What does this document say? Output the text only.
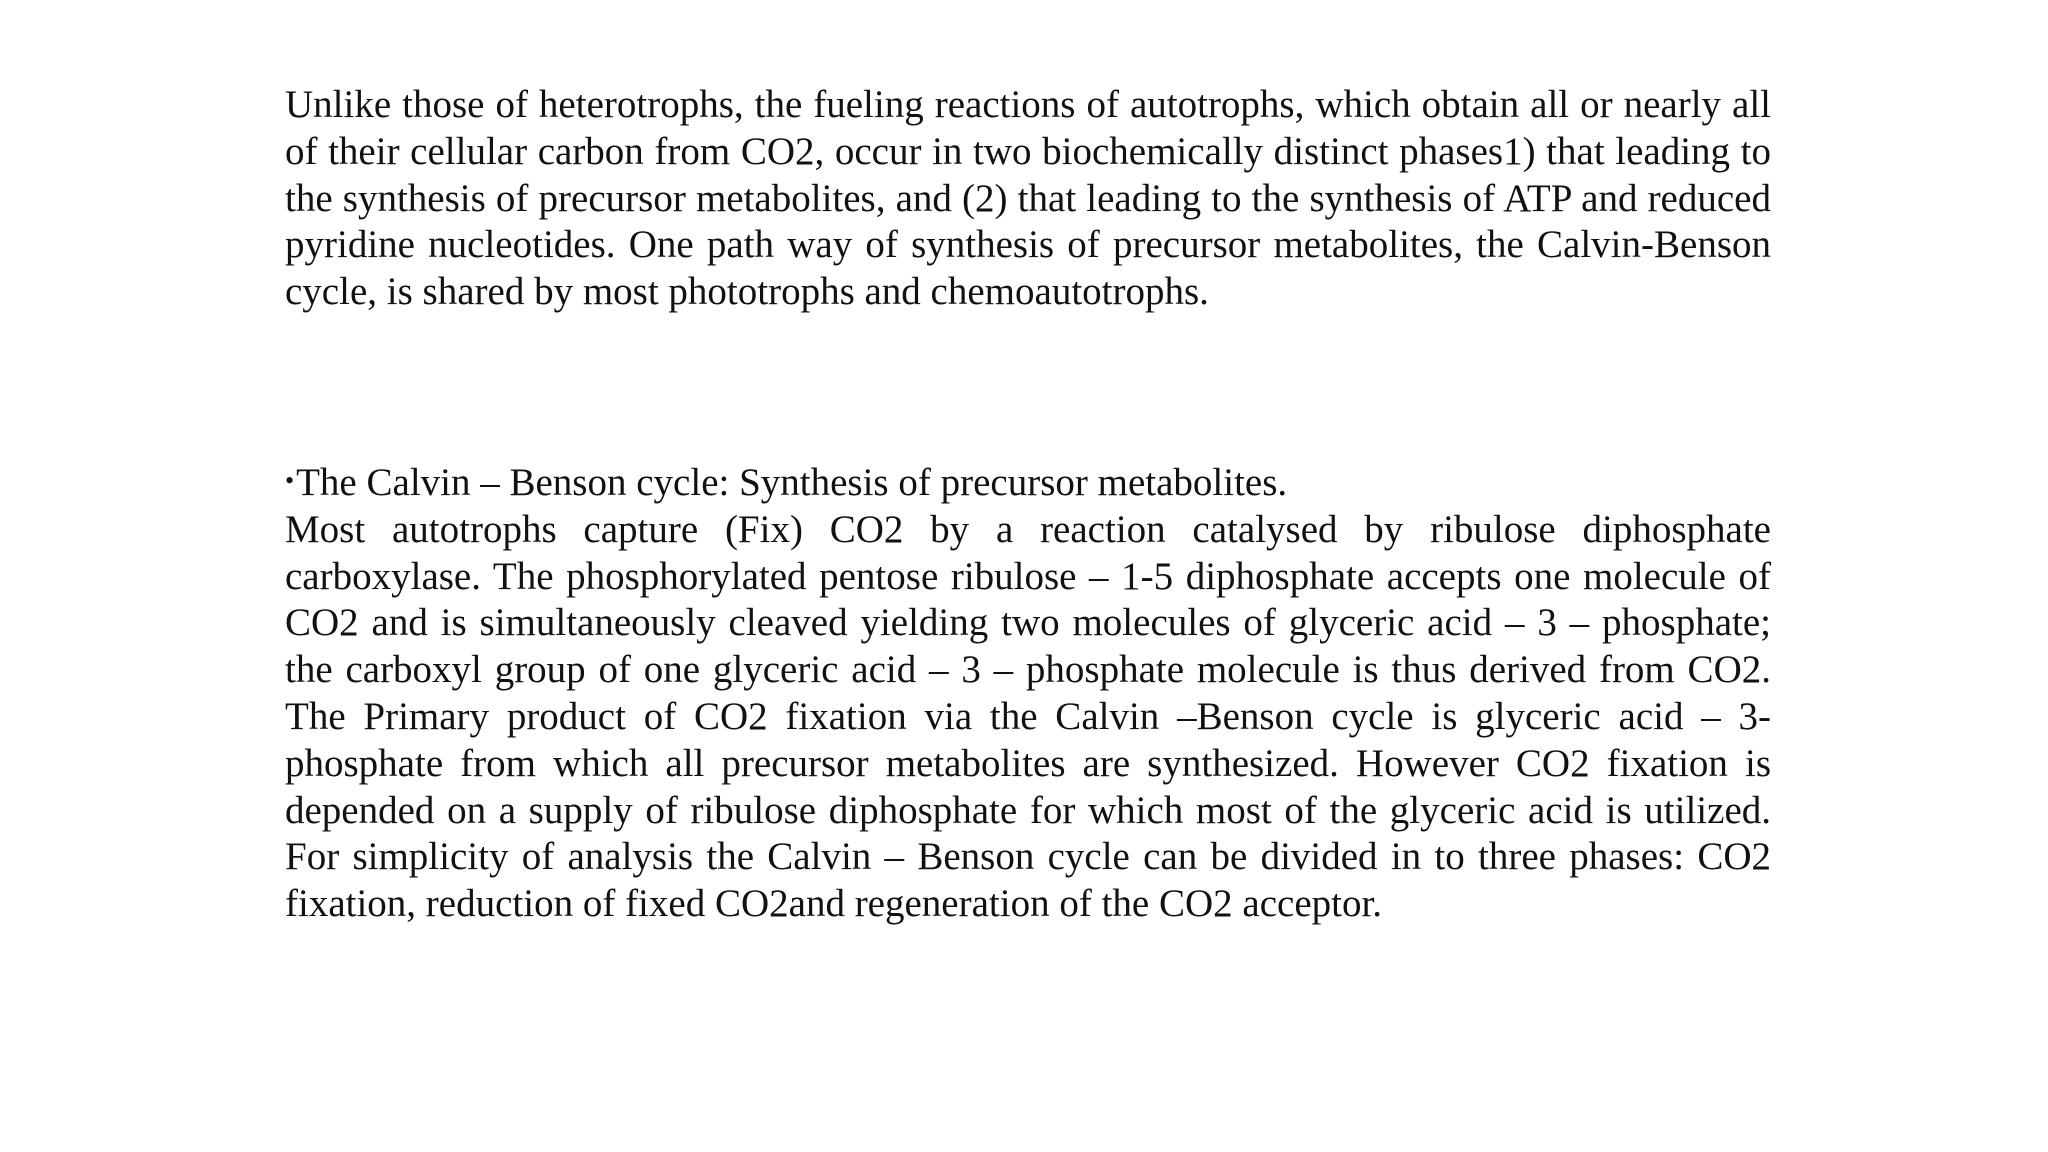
Unlike those of heterotrophs, the fueling reactions of autotrophs, which obtain all or nearly all of their cellular carbon from CO2, occur in two biochemically distinct phases1) that leading to the synthesis of precursor metabolites, and (2) that leading to the synthesis of ATP and reduced pyridine nucleotides. One path way of synthesis of precursor metabolites, the Calvin-Benson cycle, is shared by most phototrophs and chemoautotrophs.

•The Calvin – Benson cycle: Synthesis of precursor metabolites.
Most autotrophs capture (Fix) CO2 by a reaction catalysed by ribulose diphosphate carboxylase. The phosphorylated pentose ribulose – 1-5 diphosphate accepts one molecule of CO2 and is simultaneously cleaved yielding two molecules of glyceric acid – 3 – phosphate; the carboxyl group of one glyceric acid – 3 – phosphate molecule is thus derived from CO2. The Primary product of CO2 fixation via the Calvin –Benson cycle is glyceric acid – 3-phosphate from which all precursor metabolites are synthesized. However CO2 fixation is depended on a supply of ribulose diphosphate for which most of the glyceric acid is utilized. For simplicity of analysis the Calvin – Benson cycle can be divided in to three phases: CO2 fixation, reduction of fixed CO2and regeneration of the CO2 acceptor.
